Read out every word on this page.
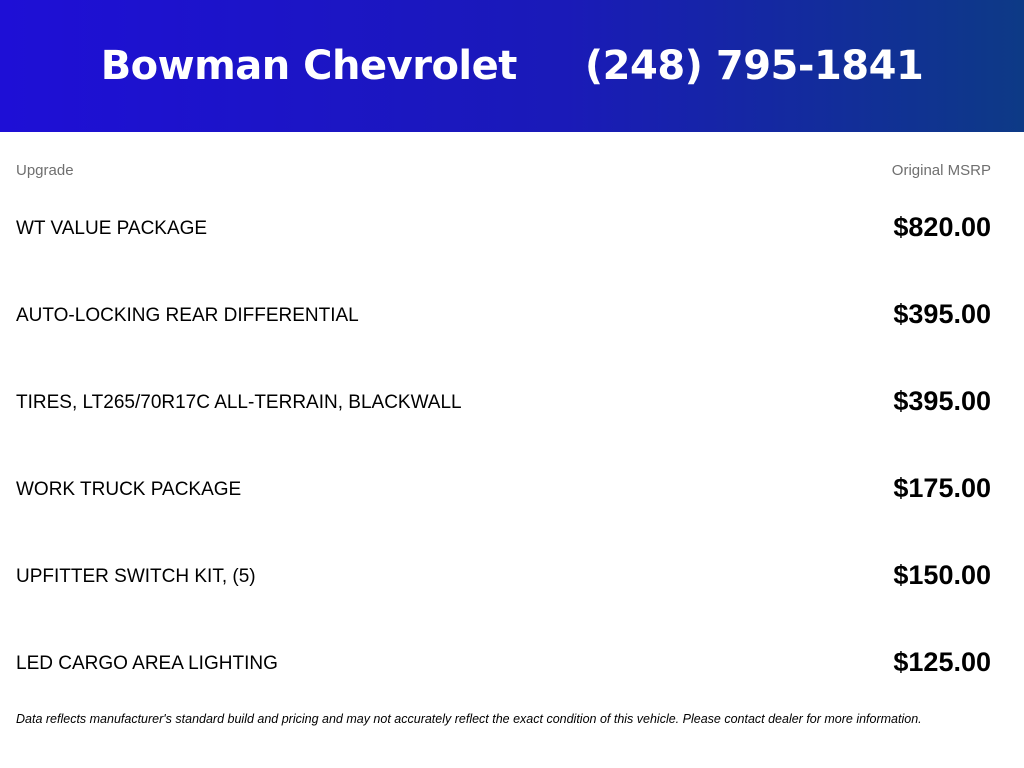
Bowman Chevrolet (248) 795-1841
Upgrade	Original MSRP
WT VALUE PACKAGE	$820.00
AUTO-LOCKING REAR DIFFERENTIAL	$395.00
TIRES, LT265/70R17C ALL-TERRAIN, BLACKWALL	$395.00
WORK TRUCK PACKAGE	$175.00
UPFITTER SWITCH KIT, (5)	$150.00
LED CARGO AREA LIGHTING	$125.00
Data reflects manufacturer's standard build and pricing and may not accurately reflect the exact condition of this vehicle. Please contact dealer for more information.
